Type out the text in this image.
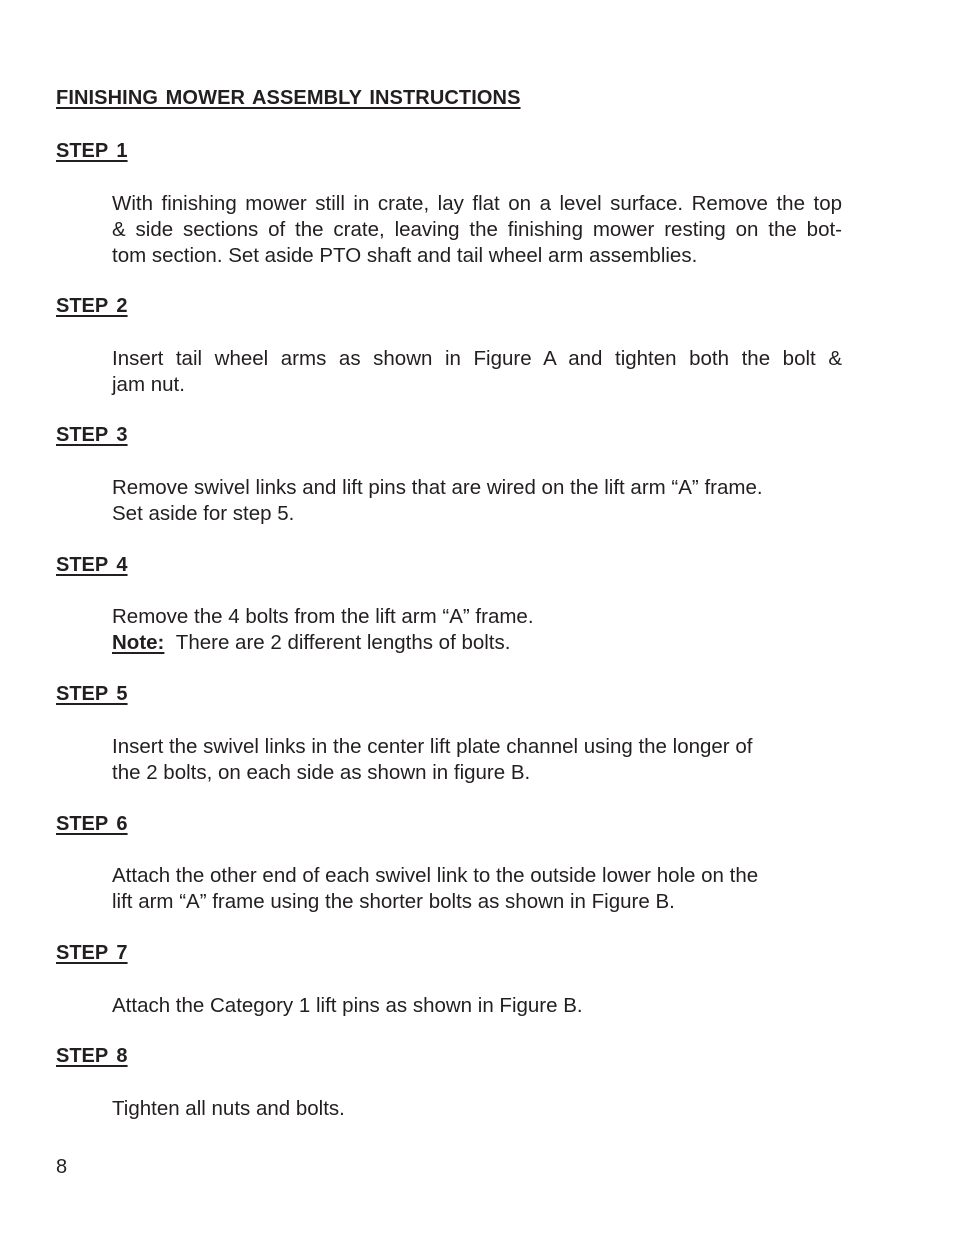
FINISHING MOWER ASSEMBLY INSTRUCTIONS
STEP 1
With finishing mower still in crate, lay flat on a level surface. Remove the top
& side sections of the crate, leaving the finishing mower resting on the bot-
tom section. Set aside PTO shaft and tail wheel arm assemblies.
STEP 2
Insert tail wheel arms as shown in Figure A and tighten both the bolt &
jam nut.
STEP 3
Remove swivel links and lift pins that are wired on the lift arm “A” frame.
Set aside for step 5.
STEP 4
Remove the 4 bolts from the lift arm “A” frame.
Note: There are 2 different lengths of bolts.
STEP 5
Insert the swivel links in the center lift plate channel using the longer of
the 2 bolts, on each side as shown in figure B.
STEP 6
Attach the other end of each swivel link to the outside lower hole on the
lift arm “A” frame using the shorter bolts as shown in Figure B.
STEP 7
Attach the Category 1 lift pins as shown in Figure B.
STEP 8
Tighten all nuts and bolts.
8
